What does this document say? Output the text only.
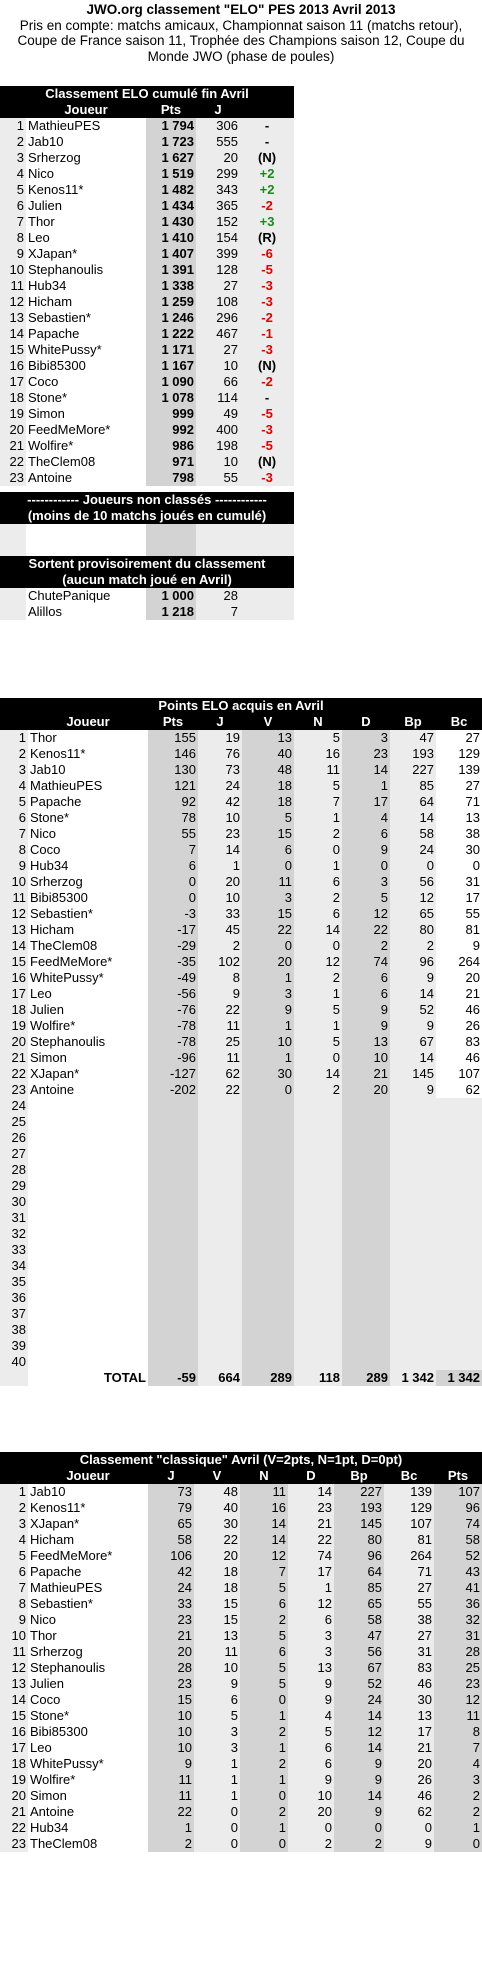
JWO.org classement "ELO" PES 2013 Avril 2013
Pris en compte: matchs amicaux, Championnat saison 11 (matchs retour),
Coupe de France saison 11, Trophée des Champions saison 12, Coupe du
Monde JWO (phase de poules)
Classement ELO cumulé fin Avril				
	Joueur	Pts	J	
1	MathieuPES	1 794	306	-
2	Jab10	1 723	555	-
3	Srherzog	1 627	20	(N)
4	Nico	1 519	299	+2
5	Kenos11*	1 482	343	+2
6	Julien	1 434	365	-2
7	Thor	1 430	152	+3
8	Leo	1 410	154	(R)
9	XJapan*	1 407	399	-6
10	Stephanoulis	1 391	128	-5
11	Hub34	1 338	27	-3
12	Hicham	1 259	108	-3
13	Sebastien*	1 246	296	-2
14	Papache	1 222	467	-1
15	WhitePussy*	1 171	27	-3
16	Bibi85300	1 167	10	(N)
17	Coco	1 090	66	-2
18	Stone*	1 078	114	-
19	Simon	999	49	-5
20	FeedMeMore*	992	400	-3
21	Wolfire*	986	198	-5
22	TheClem08	971	10	(N)
23	Antoine	798	55	-3

------------ Joueurs non classés ------------				
(moins de 10 matchs joués en cumulé)				

Sortent provisoirement du classement				
(aucun match joué en Avril)				
	ChutePanique	1 000	28	
	Alillos	1 218	7	
Points ELO acquis en Avril								
	Joueur	Pts	J	V	N	D	Bp	Bc
1	Thor	155	19	13	5	3	47	27
2	Kenos11*	146	76	40	16	23	193	129
3	Jab10	130	73	48	11	14	227	139
4	MathieuPES	121	24	18	5	1	85	27
5	Papache	92	42	18	7	17	64	71
6	Stone*	78	10	5	1	4	14	13
7	Nico	55	23	15	2	6	58	38
8	Coco	7	14	6	0	9	24	30
9	Hub34	6	1	0	1	0	0	0
10	Srherzog	0	20	11	6	3	56	31
11	Bibi85300	0	10	3	2	5	12	17
12	Sebastien*	-3	33	15	6	12	65	55
13	Hicham	-17	45	22	14	22	80	81
14	TheClem08	-29	2	0	0	2	2	9
15	FeedMeMore*	-35	102	20	12	74	96	264
16	WhitePussy*	-49	8	1	2	6	9	20
17	Leo	-56	9	3	1	6	14	21
18	Julien	-76	22	9	5	9	52	46
19	Wolfire*	-78	11	1	1	9	9	26
20	Stephanoulis	-78	25	10	5	13	67	83
21	Simon	-96	11	1	0	10	14	46
22	XJapan*	-127	62	30	14	21	145	107
23	Antoine	-202	22	0	2	20	9	62
24								
25								
26								
27								
28								
29								
30								
31								
32								
33								
34								
35								
36								
37								
38								
39								
40								
	TOTAL	-59	664	289	118	289	1 342	1 342
Classement "classique" Avril (V=2pts, N=1pt, D=0pt)								
	Joueur	J	V	N	D	Bp	Bc	Pts
1	Jab10	73	48	11	14	227	139	107
2	Kenos11*	79	40	16	23	193	129	96
3	XJapan*	65	30	14	21	145	107	74
4	Hicham	58	22	14	22	80	81	58
5	FeedMeMore*	106	20	12	74	96	264	52
6	Papache	42	18	7	17	64	71	43
7	MathieuPES	24	18	5	1	85	27	41
8	Sebastien*	33	15	6	12	65	55	36
9	Nico	23	15	2	6	58	38	32
10	Thor	21	13	5	3	47	27	31
11	Srherzog	20	11	6	3	56	31	28
12	Stephanoulis	28	10	5	13	67	83	25
13	Julien	23	9	5	9	52	46	23
14	Coco	15	6	0	9	24	30	12
15	Stone*	10	5	1	4	14	13	11
16	Bibi85300	10	3	2	5	12	17	8
17	Leo	10	3	1	6	14	21	7
18	WhitePussy*	9	1	2	6	9	20	4
19	Wolfire*	11	1	1	9	9	26	3
20	Simon	11	1	0	10	14	46	2
21	Antoine	22	0	2	20	9	62	2
22	Hub34	1	0	1	0	0	0	1
23	TheClem08	2	0	0	2	2	9	0
